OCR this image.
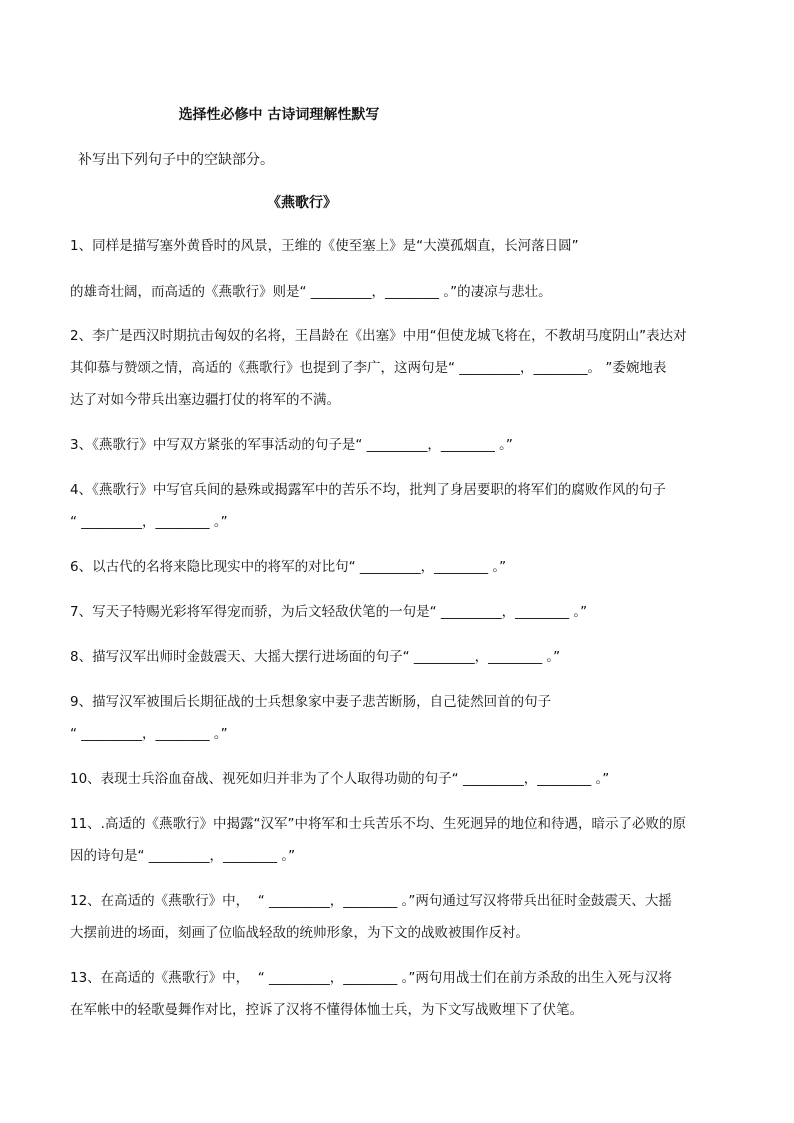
选择性必修中 古诗词理解性默写
补写出下列句子中的空缺部分。
《燕歌行》
1、同样是描写塞外黄昏时的风景，王维的《使至塞上》是“大漠孤烟直，长河落日圆”
的雄奇壮阔，而高适的《燕歌行》则是“ _________，________ 。”的凄凉与悲壮。
2、李广是西汉时期抗击匈奴的名将，王昌龄在《出塞》中用“但使龙城飞将在，不教胡马度阴山”表达对
其仰慕与赞颂之情，高适的《燕歌行》也提到了李广，这两句是“ _________，________。 ”委婉地表
达了对如今带兵出塞边疆打仗的将军的不满。
3、《燕歌行》中写双方紧张的军事活动的句子是“ _________，________ 。”
4、《燕歌行》中写官兵间的悬殊或揭露军中的苦乐不均，批判了身居要职的将军们的腐败作风的句子
“ _________，________ 。”
6、以古代的名将来隐比现实中的将军的对比句“ _________，________ 。”
7、写天子特赐光彩将军得宠而骄，为后文轻敌伏笔的一句是“ _________，________ 。”
8、描写汉军出师时金鼓震天、大摇大摆行进场面的句子“ _________，________ 。”
9、描写汉军被围后长期征战的士兵想象家中妻子悲苦断肠，自己徒然回首的句子
“ _________，________ 。”
10、表现士兵浴血奋战、视死如归并非为了个人取得功勋的句子“ _________，________ 。”
11、.高适的《燕歌行》中揭露“汉军”中将军和士兵苦乐不均、生死迥异的地位和待遇，暗示了必败的原
因的诗句是“ _________，________ 。”
12、在高适的《燕歌行》中，  “ _________，________ 。”两句通过写汉将带兵出征时金鼓震天、大摇
大摆前进的场面，刻画了位临战轻敌的统帅形象，为下文的战败被围作反衬。
13、在高适的《燕歌行》中，  “ _________，________ 。”两句用战士们在前方杀敌的出生入死与汉将
在军帐中的轻歌曼舞作对比，控诉了汉将不懂得体恤士兵，为下文写战败埋下了伏笔。
